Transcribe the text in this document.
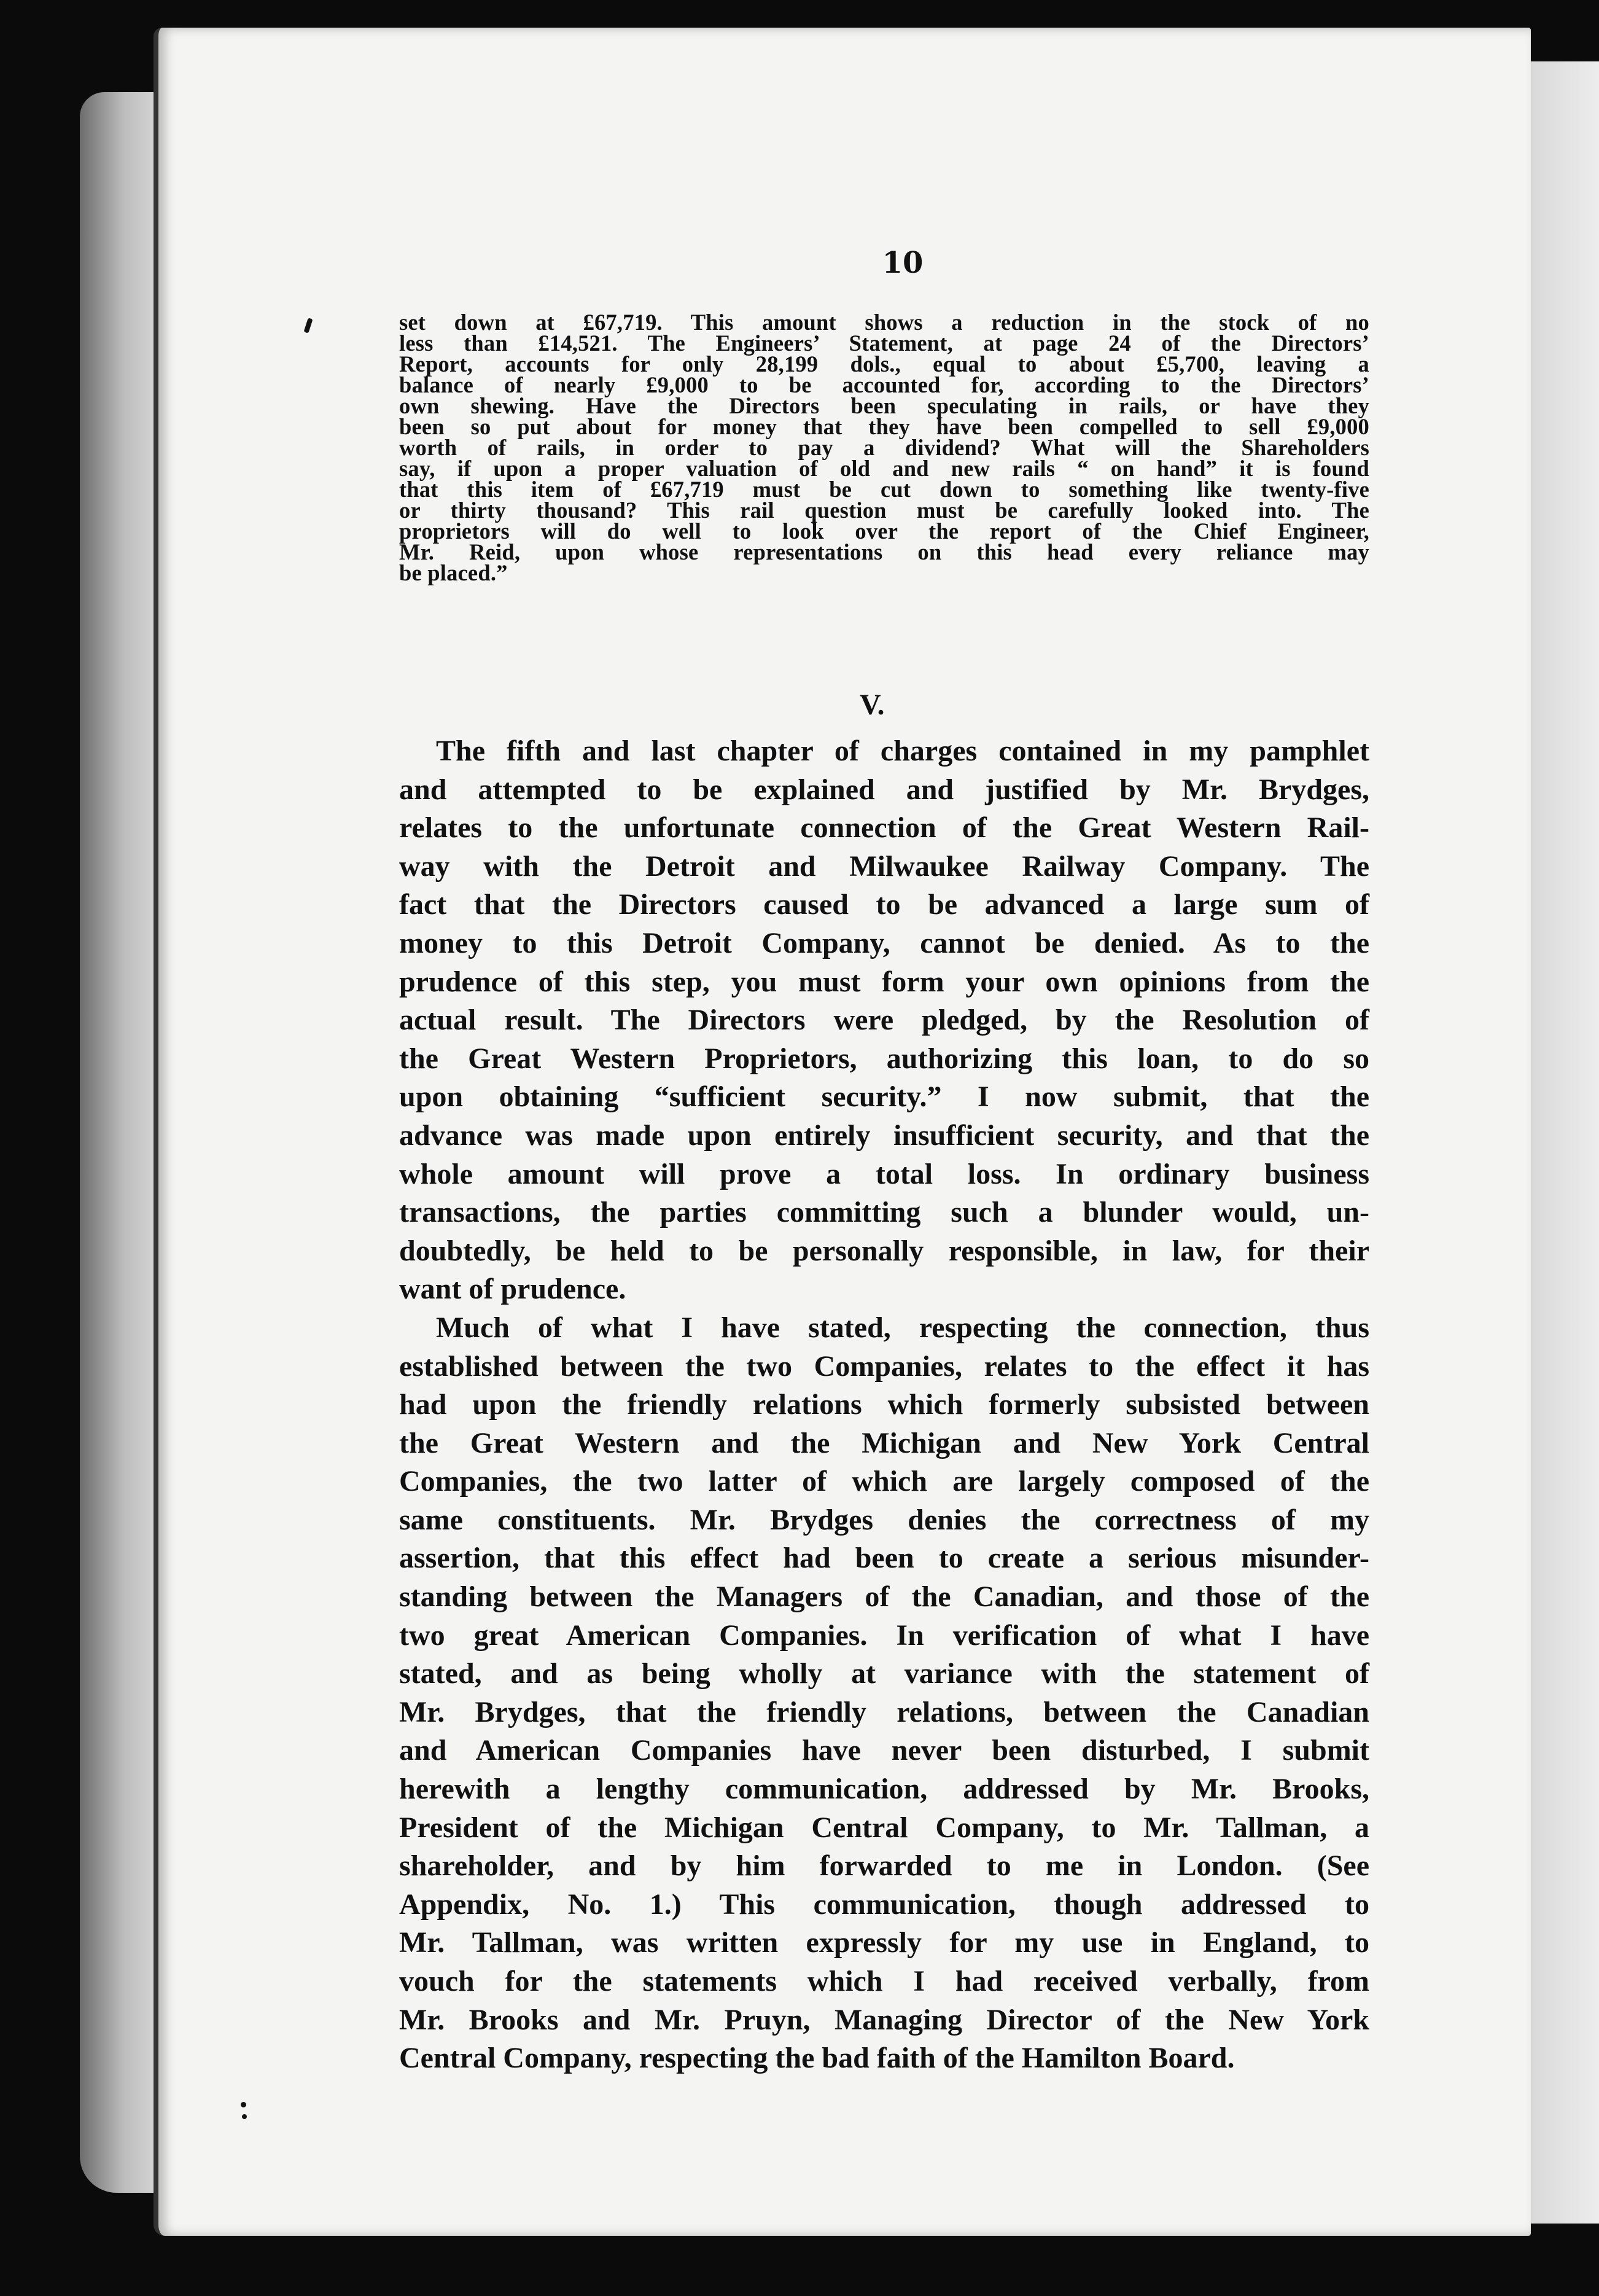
10
set down at £67,719. This amount shows a reduction in the stock of no
less than £14,521. The Engineers’ Statement, at page 24 of the Directors’
Report, accounts for only 28,199 dols., equal to about £5,700, leaving a
balance of nearly £9,000 to be accounted for, according to the Directors’
own shewing. Have the Directors been speculating in rails, or have they
been so put about for money that they have been compelled to sell £9,000
worth of rails, in order to pay a dividend? What will the Shareholders
say, if upon a proper valuation of old and new rails “ on hand” it is found
that this item of £67,719 must be cut down to something like twenty-five
or thirty thousand? This rail question must be carefully looked into. The
proprietors will do well to look over the report of the Chief Engineer,
Mr. Reid, upon whose representations on this head every reliance may
be placed.”
V.
The fifth and last chapter of charges contained in my pamphlet
and attempted to be explained and justified by Mr. Brydges,
relates to the unfortunate connection of the Great Western Rail-
way with the Detroit and Milwaukee Railway Company. The
fact that the Directors caused to be advanced a large sum of
money to this Detroit Company, cannot be denied. As to the
prudence of this step, you must form your own opinions from the
actual result. The Directors were pledged, by the Resolution of
the Great Western Proprietors, authorizing this loan, to do so
upon obtaining “sufficient security.” I now submit, that the
advance was made upon entirely insufficient security, and that the
whole amount will prove a total loss. In ordinary business
transactions, the parties committing such a blunder would, un-
doubtedly, be held to be personally responsible, in law, for their
want of prudence.
Much of what I have stated, respecting the connection, thus
established between the two Companies, relates to the effect it has
had upon the friendly relations which formerly subsisted between
the Great Western and the Michigan and New York Central
Companies, the two latter of which are largely composed of the
same constituents. Mr. Brydges denies the correctness of my
assertion, that this effect had been to create a serious misunder-
standing between the Managers of the Canadian, and those of the
two great American Companies. In verification of what I have
stated, and as being wholly at variance with the statement of
Mr. Brydges, that the friendly relations, between the Canadian
and American Companies have never been disturbed, I submit
herewith a lengthy communication, addressed by Mr. Brooks,
President of the Michigan Central Company, to Mr. Tallman, a
shareholder, and by him forwarded to me in London. (See
Appendix, No. 1.) This communication, though addressed to
Mr. Tallman, was written expressly for my use in England, to
vouch for the statements which I had received verbally, from
Mr. Brooks and Mr. Pruyn, Managing Director of the New York
Central Company, respecting the bad faith of the Hamilton Board.
